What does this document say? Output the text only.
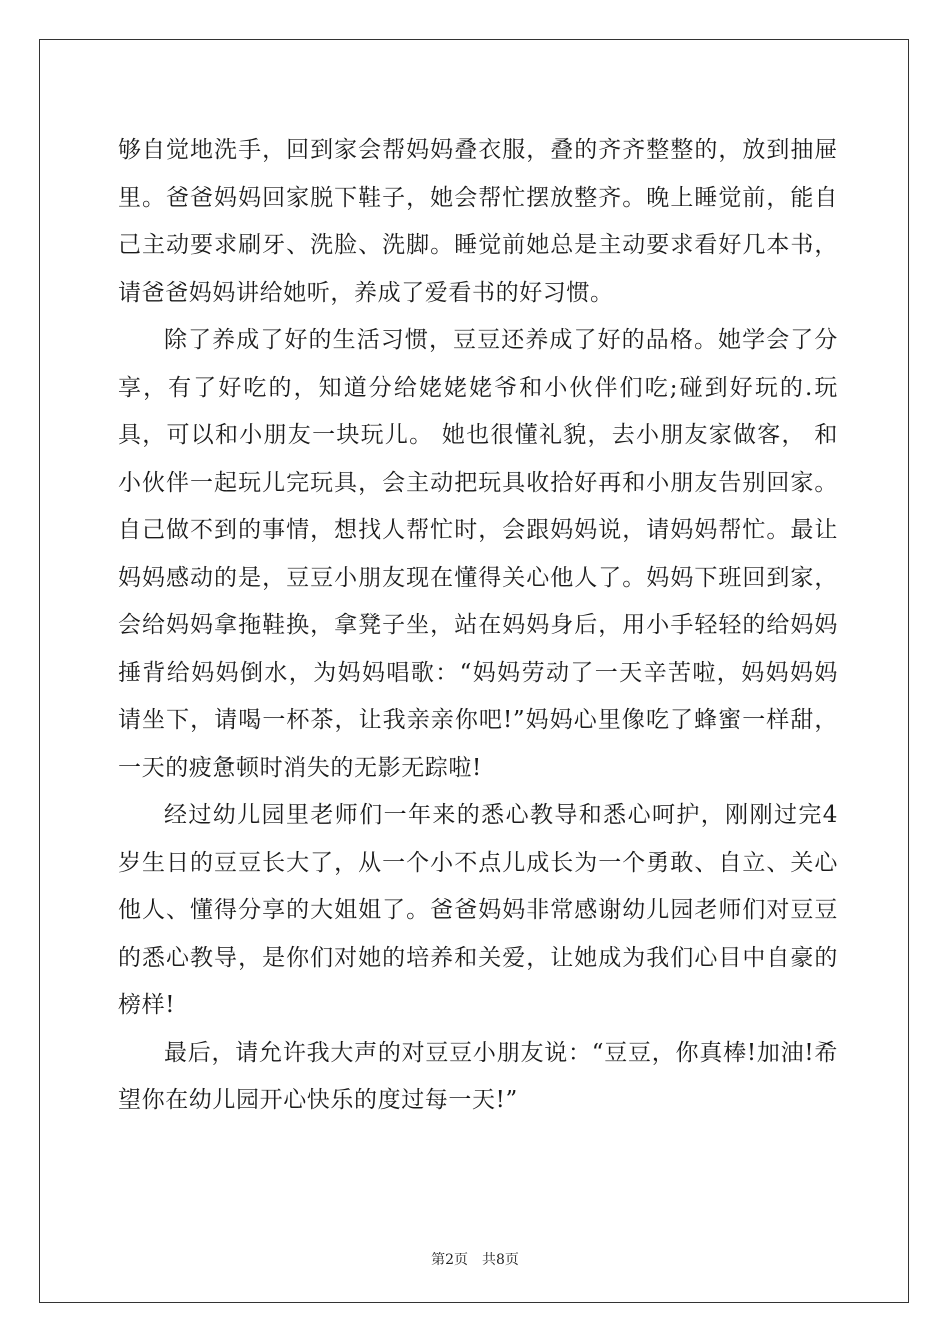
够自觉地洗手，回到家会帮妈妈叠衣服，叠的齐齐整整的，放到抽屉里。爸爸妈妈回家脱下鞋子，她会帮忙摆放整齐。晚上睡觉前，能自己主动要求刷牙、洗脸、洗脚。睡觉前她总是主动要求看好几本书，请爸爸妈妈讲给她听，养成了爱看书的好习惯。

除了养成了好的生活习惯，豆豆还养成了好的品格。她学会了分享，有了好吃的，知道分给姥姥姥爷和小伙伴们吃;碰到好玩的.玩具，可以和小朋友一块玩儿。 她也很懂礼貌，去小朋友家做客， 和小伙伴一起玩儿完玩具，会主动把玩具收拾好再和小朋友告别回家。自己做不到的事情，想找人帮忙时，会跟妈妈说，请妈妈帮忙。最让妈妈感动的是，豆豆小朋友现在懂得关心他人了。妈妈下班回到家，会给妈妈拿拖鞋换，拿凳子坐，站在妈妈身后，用小手轻轻的给妈妈捶背给妈妈倒水，为妈妈唱歌：“妈妈劳动了一天辛苦啦，妈妈妈妈请坐下，请喝一杯茶，让我亲亲你吧!”妈妈心里像吃了蜂蜜一样甜，一天的疲惫顿时消失的无影无踪啦!

经过幼儿园里老师们一年来的悉心教导和悉心呵护，刚刚过完4岁生日的豆豆长大了，从一个小不点儿成长为一个勇敢、自立、关心他人、懂得分享的大姐姐了。爸爸妈妈非常感谢幼儿园老师们对豆豆的悉心教导，是你们对她的培养和关爱，让她成为我们心目中自豪的榜样!

最后，请允许我大声的对豆豆小朋友说：“豆豆，你真棒!加油!希望你在幼儿园开心快乐的度过每一天!”

第2页 共8页
